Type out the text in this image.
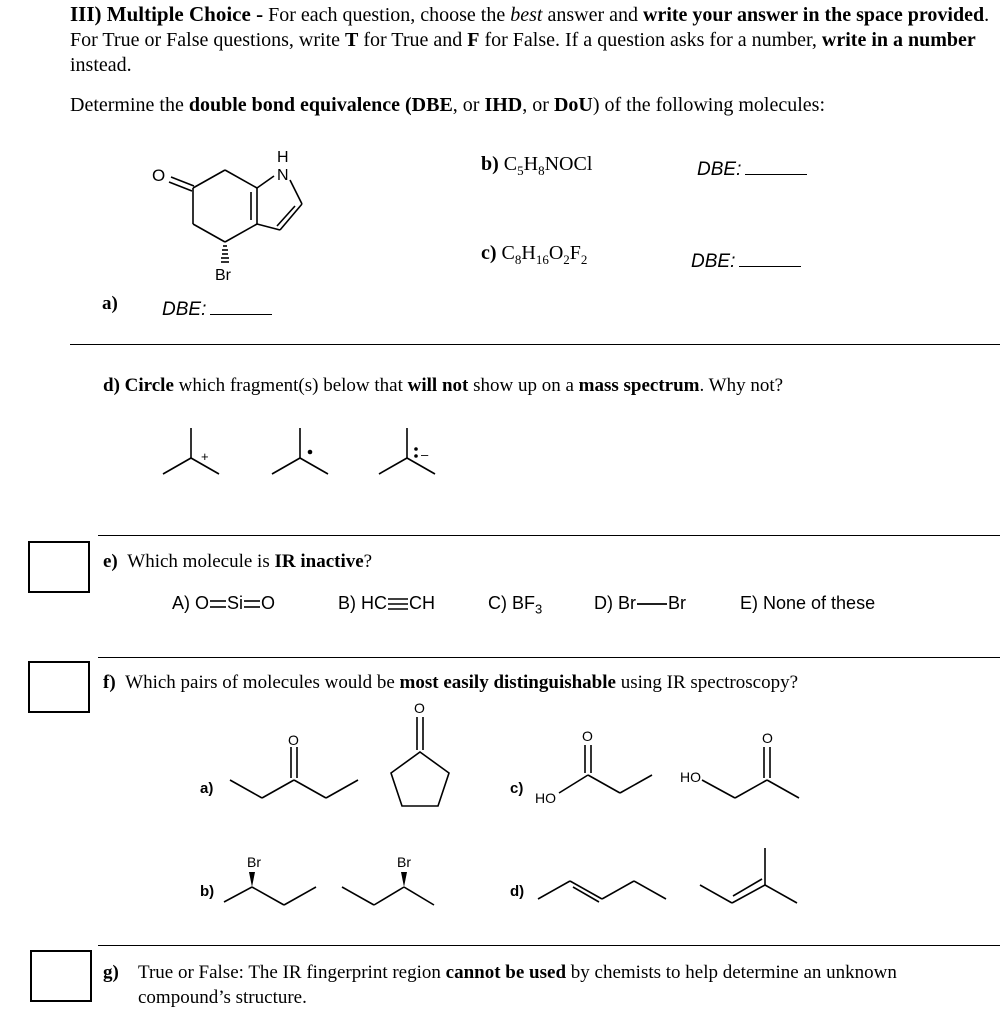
III) Multiple Choice - For each question, choose the best answer and write your answer in the space provided. For True or False questions, write T for True and F for False. If a question asks for a number, write in a number instead.
Determine the double bond equivalence (DBE, or IHD, or DoU) of the following molecules:
O
H
N
Br
a) DBE:
b) $C_5H_8NOCl$	DBE:
c) $C_8H_{16}O_2F_2$	DBE:
d) Circle which fragment(s) below that will not show up on a mass spectrum. Why not?
+	–
e) Which molecule is IR inactive?
A) O Si O	B) HC CH	C) $BF_3$	D) Br Br	E) None of these
f) Which pairs of molecules would be most easily distinguishable using IR spectroscopy?
a)
O
O
c)
HO
O
HO
O
b)
Br	Br
d)
g) True or False: The IR fingerprint region cannot be used by chemists to help determine an unknown compound’s structure.
